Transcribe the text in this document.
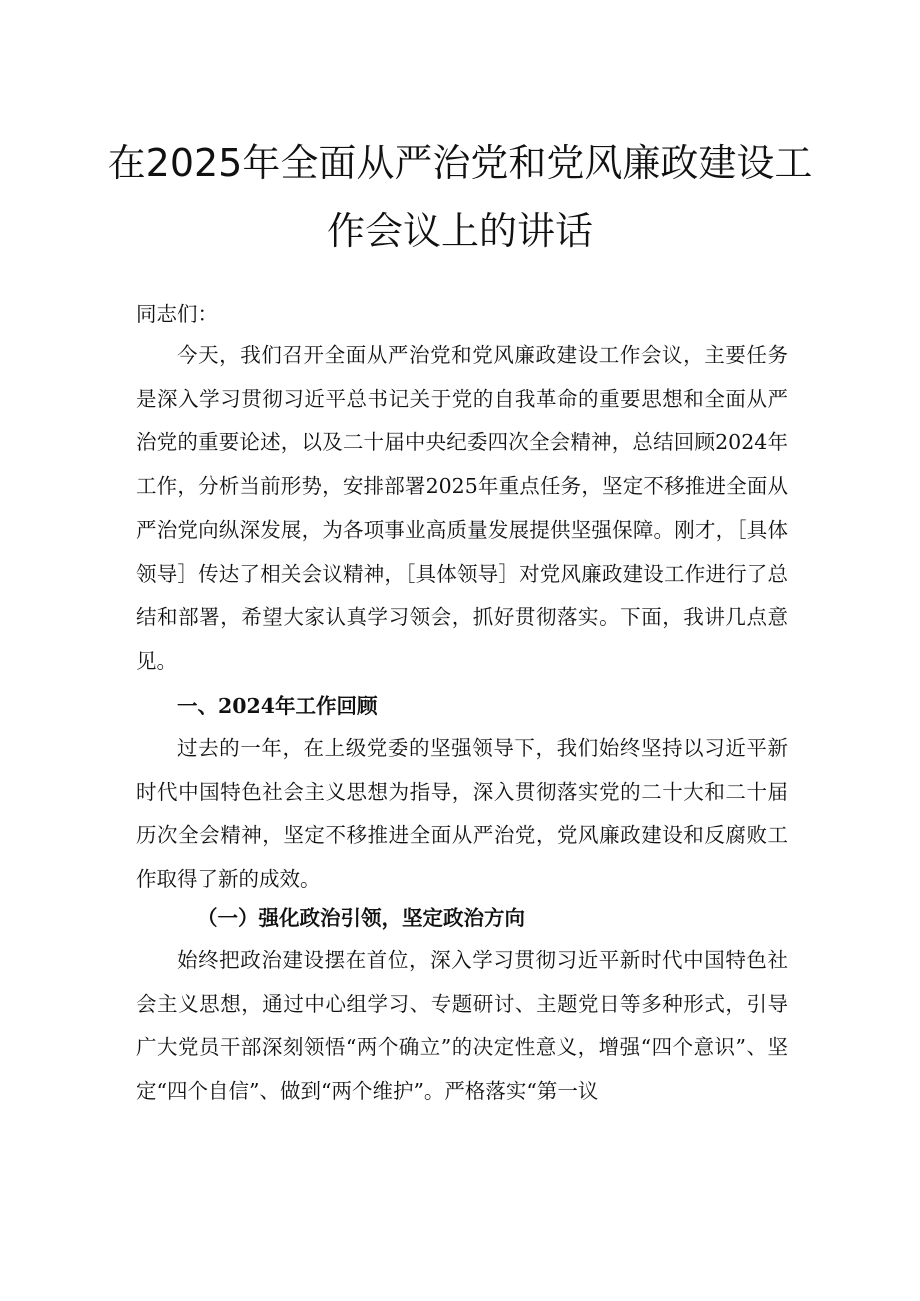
在2025年全面从严治党和党风廉政建设工
作会议上的讲话
同志们：
今天，我们召开全面从严治党和党风廉政建设工作会议，主要任务是深入学习贯彻习近平总书记关于党的自我革命的重要思想和全面从严治党的重要论述，以及二十届中央纪委四次全会精神，总结回顾2024年工作，分析当前形势，安排部署2025年重点任务，坚定不移推进全面从严治党向纵深发展，为各项事业高质量发展提供坚强保障。刚才，［具体领导］传达了相关会议精神，［具体领导］对党风廉政建设工作进行了总结和部署，希望大家认真学习领会，抓好贯彻落实。下面，我讲几点意见。
一、2024年工作回顾
过去的一年，在上级党委的坚强领导下，我们始终坚持以习近平新时代中国特色社会主义思想为指导，深入贯彻落实党的二十大和二十届历次全会精神，坚定不移推进全面从严治党，党风廉政建设和反腐败工作取得了新的成效。
（一）强化政治引领，坚定政治方向
始终把政治建设摆在首位，深入学习贯彻习近平新时代中国特色社会主义思想，通过中心组学习、专题研讨、主题党日等多种形式，引导广大党员干部深刻领悟“两个确立”的决定性意义，增强“四个意识”、坚定“四个自信”、做到“两个维护”。严格落实“第一议
